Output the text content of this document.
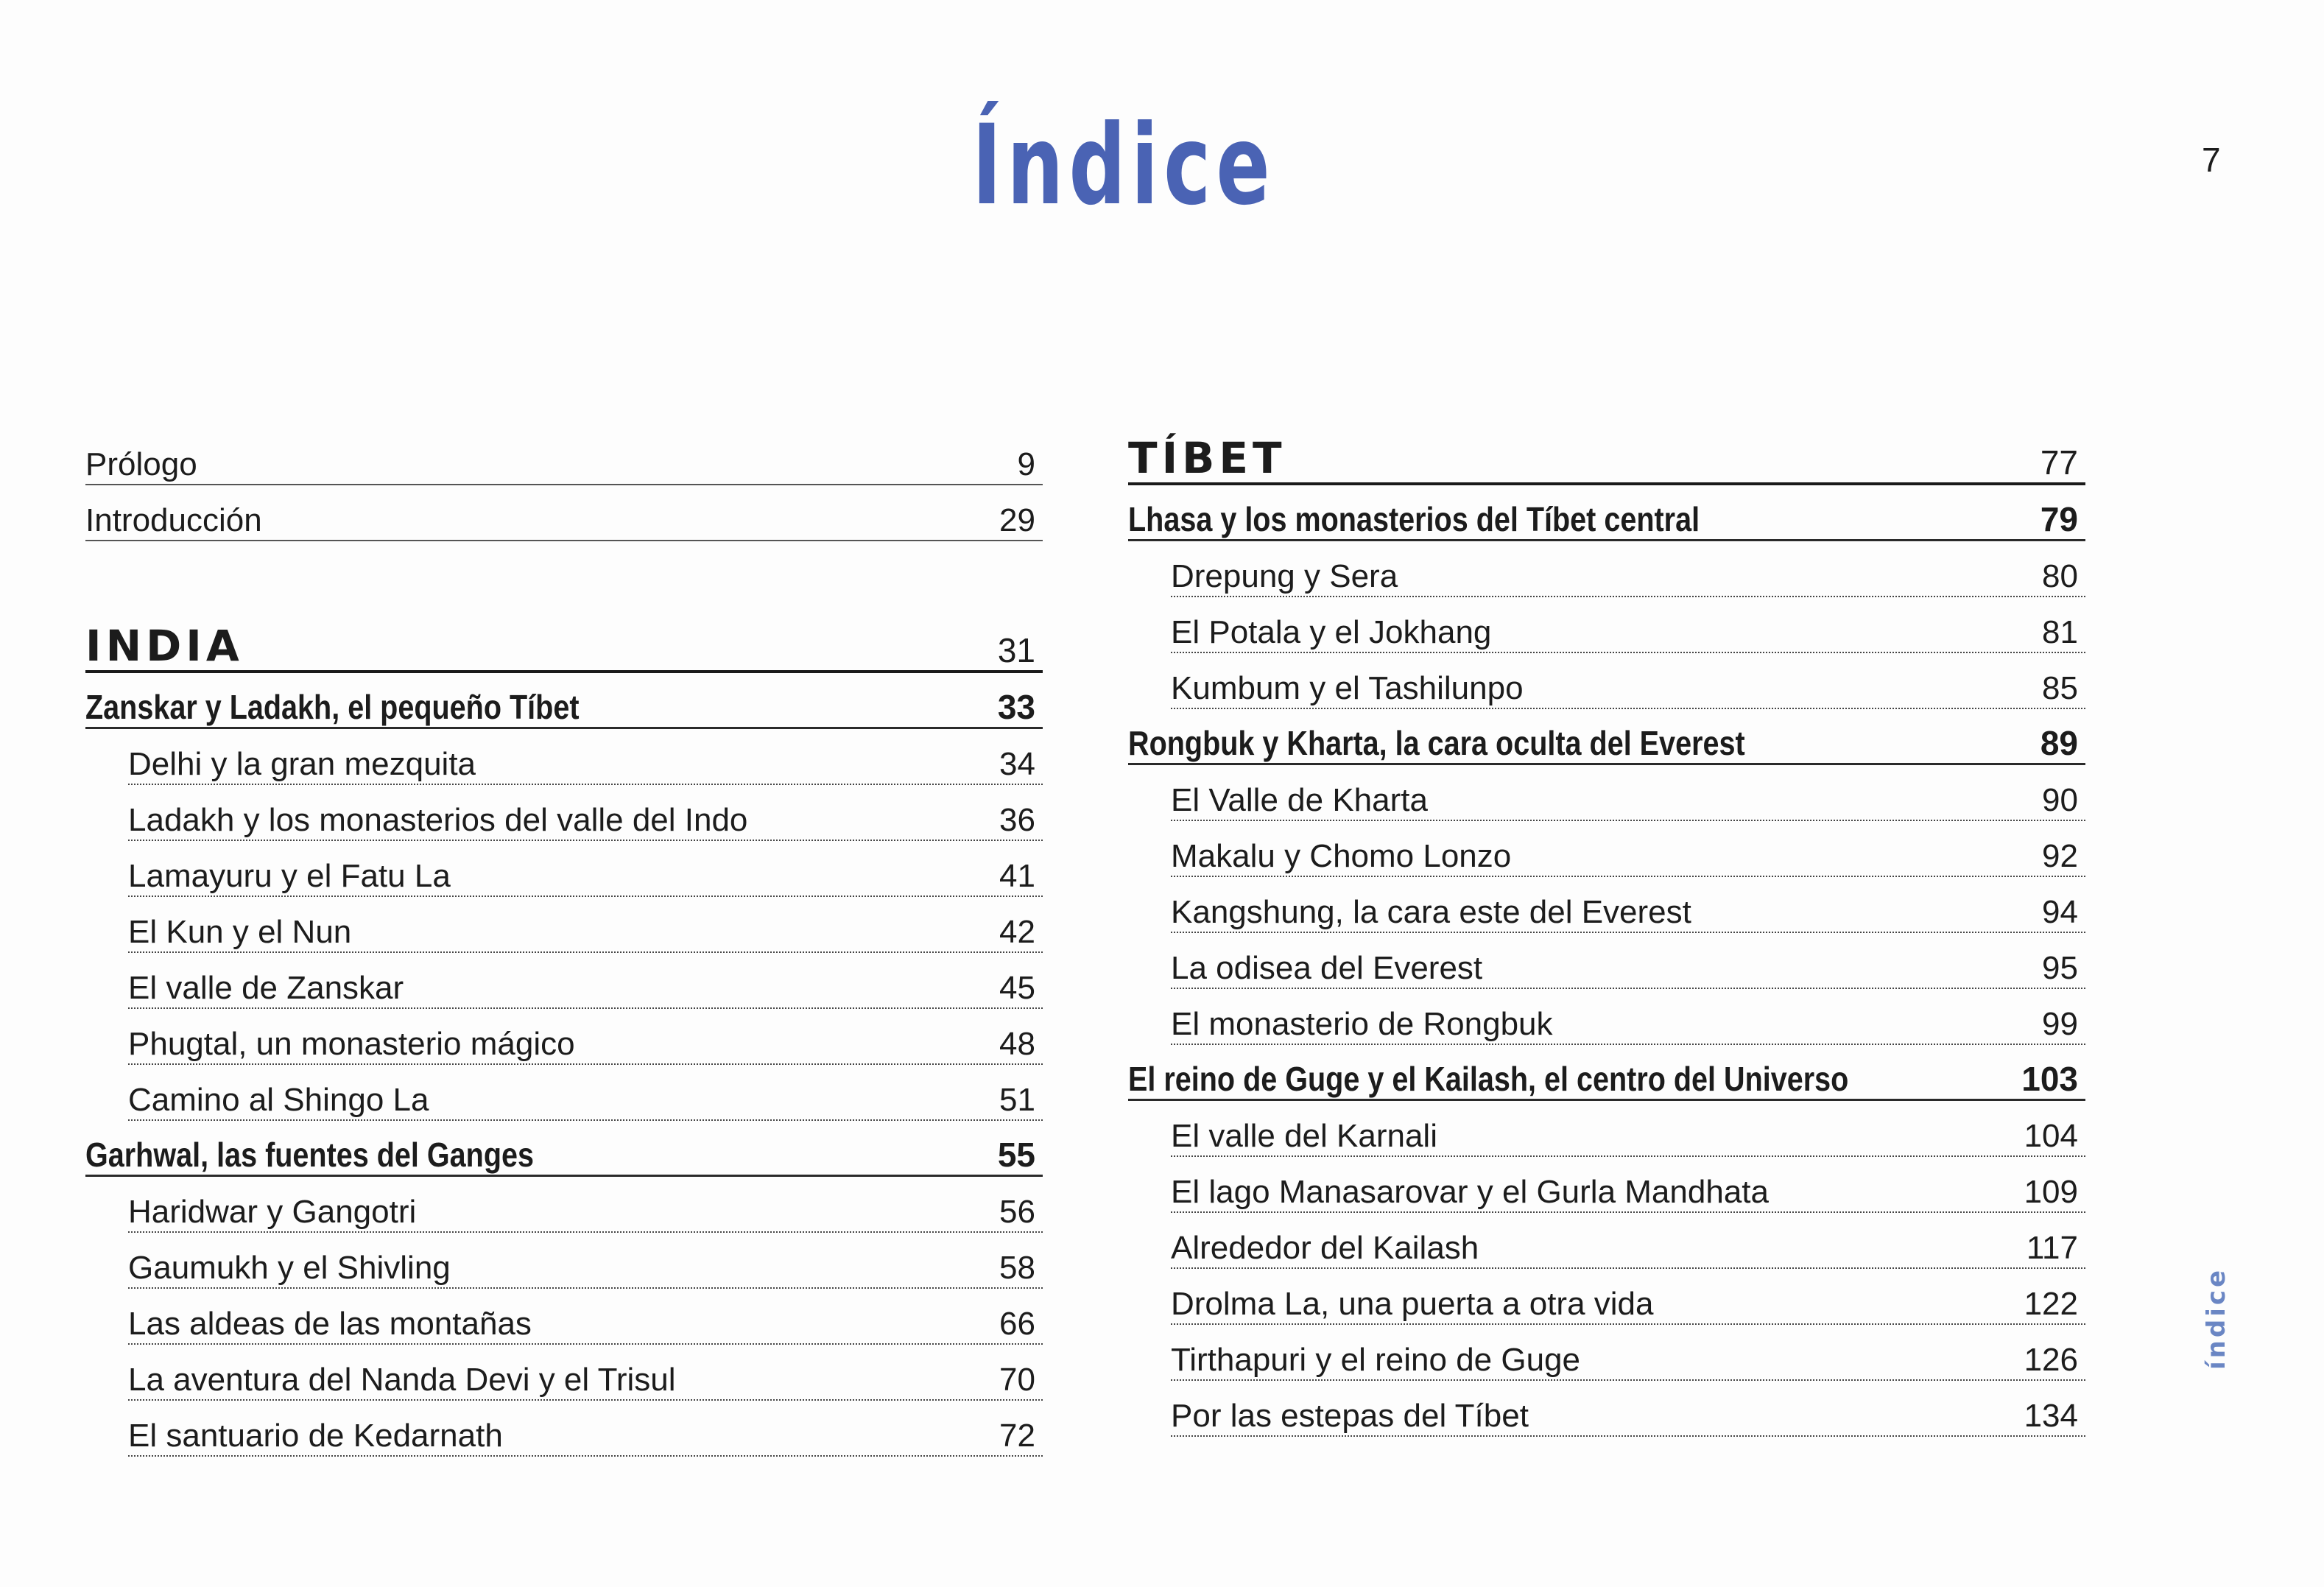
Índice	7
índice
Prólogo	9
Introducción	29
INDIA	31
Zanskar y Ladakh, el pequeño Tíbet	33
Delhi y la gran mezquita	34
Ladakh y los monasterios del valle del Indo	36
Lamayuru y el Fatu La	41
El Kun y el Nun	42
El valle de Zanskar	45
Phugtal, un monasterio mágico	48
Camino al Shingo La	51
Garhwal, las fuentes del Ganges	55
Haridwar y Gangotri	56
Gaumukh y el Shivling	58
Las aldeas de las montañas	66
La aventura del Nanda Devi y el Trisul	70
El santuario de Kedarnath	72
TÍBET	77
Lhasa y los monasterios del Tíbet central	79
Drepung y Sera	80
El Potala y el Jokhang	81
Kumbum y el Tashilunpo	85
Rongbuk y Kharta, la cara oculta del Everest	89
El Valle de Kharta	90
Makalu y Chomo Lonzo	92
Kangshung, la cara este del Everest	94
La odisea del Everest	95
El monasterio de Rongbuk	99
El reino de Guge y el Kailash, el centro del Universo	103
El valle del Karnali	104
El lago Manasarovar y el Gurla Mandhata	109
Alrededor del Kailash	117
Drolma La, una puerta a otra vida	122
Tirthapuri y el reino de Guge	126
Por las estepas del Tíbet	134
